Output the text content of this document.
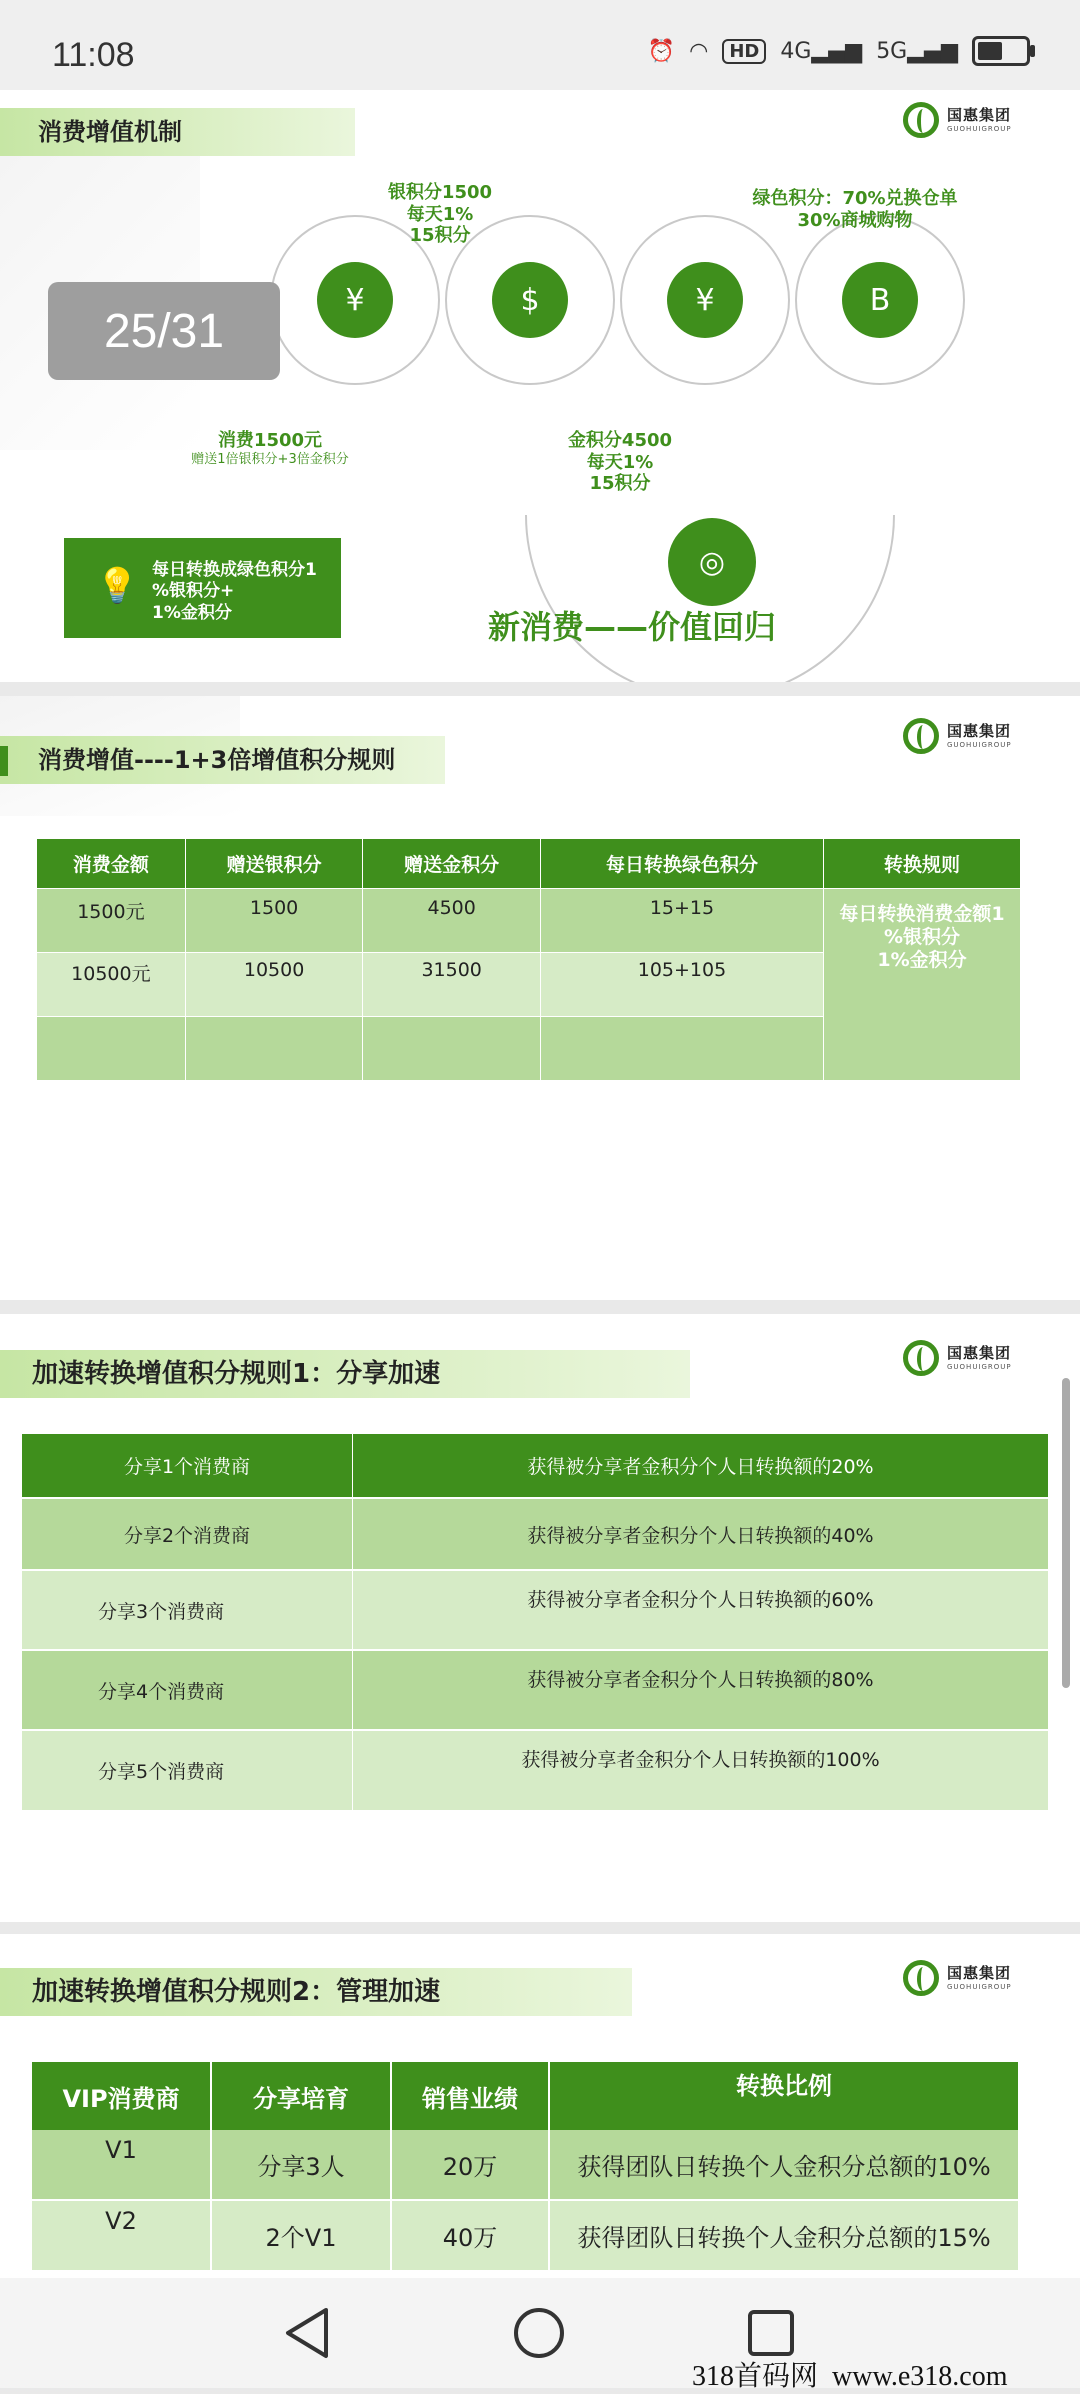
11:08	⏰ ◠	HD 4G▂▄▆ 5G▂▄▆
消费增值机制
国惠集团
GUOHUIGROUP
25/31
¥	$	¥	B
◎
银积分1500
每天1%
15积分
绿色积分：70%兑换仓单
30%商城购物
消费1500元
赠送1倍银积分+3倍金积分
金积分4500
每天1%
15积分
💡 每日转换成绿色积分1
%银积分+
1%金积分	新消费——价值回归
消费增值----1+3倍增值积分规则
国惠集团
GUOHUIGROUP
消费金额	赠送银积分	赠送金积分	每日转换绿色积分	转换规则
1500元	1500	4500	15+15	每日转换消费金额1
%银积分
1%金积分

10500元	10500	31500	105+105	

加速转换增值积分规则1：分享加速
国惠集团
GUOHUIGROUP
分享1个消费商	获得被分享者金积分个人日转换额的20%
分享2个消费商	获得被分享者金积分个人日转换额的40%
分享3个消费商	获得被分享者金积分个人日转换额的60%
分享4个消费商	获得被分享者金积分个人日转换额的80%
分享5个消费商	获得被分享者金积分个人日转换额的100%
加速转换增值积分规则2：管理加速
国惠集团
GUOHUIGROUP
VIP消费商	分享培育	销售业绩	转换比例
V1	分享3人	20万	获得团队日转换个人金积分总额的10%
V2	2个V1	40万	获得团队日转换个人金积分总额的15%
318首码网  www.e318.com
